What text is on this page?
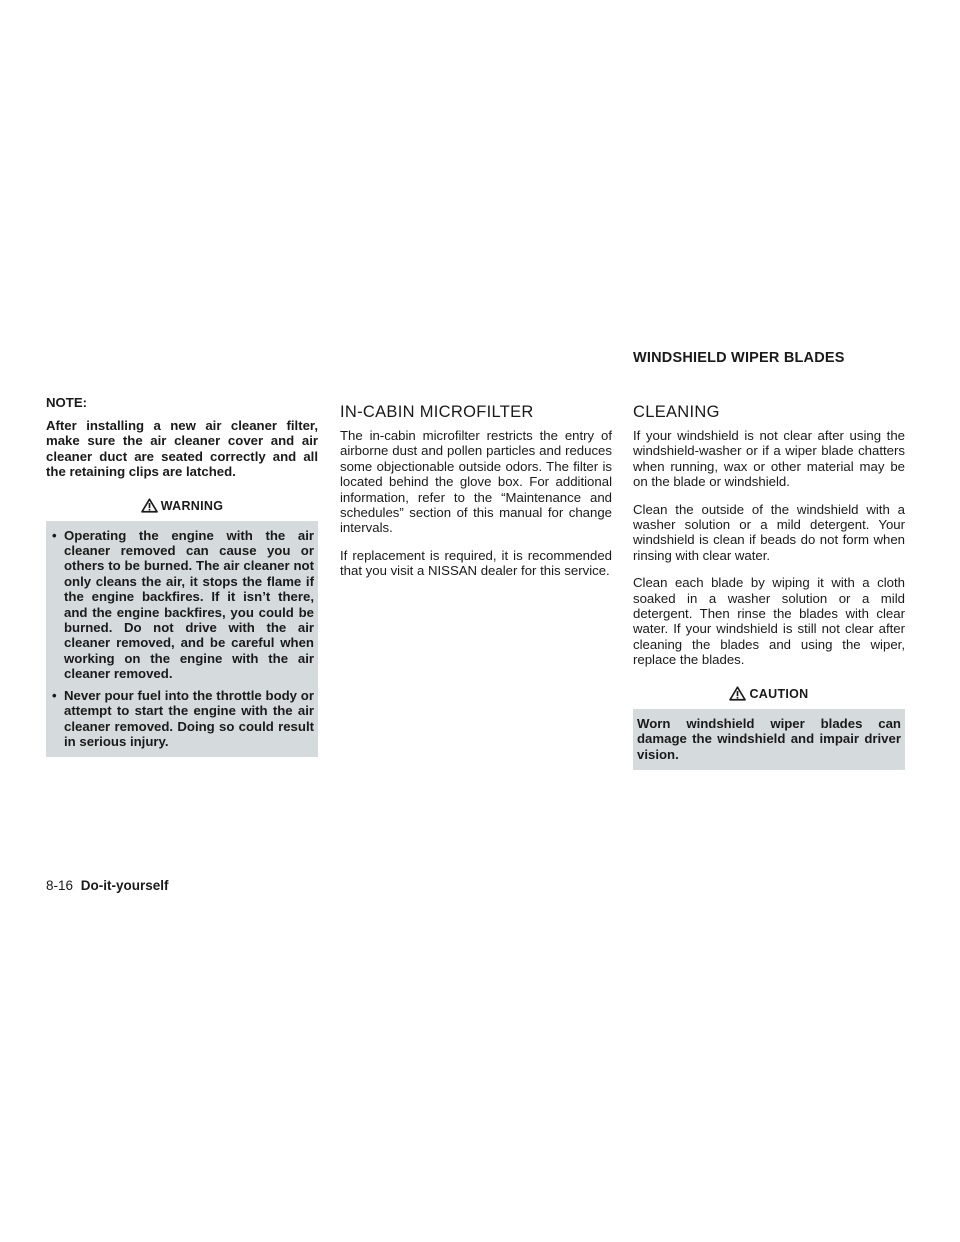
WINDSHIELD WIPER BLADES
NOTE:

After installing a new air cleaner filter, make sure the air cleaner cover and air cleaner duct are seated correctly and all the retaining clips are latched.

WARNING
• Operating the engine with the air cleaner removed can cause you or others to be burned. The air cleaner not only cleans the air, it stops the flame if the engine backfires. If it isn’t there, and the engine backfires, you could be burned. Do not drive with the air cleaner removed, and be careful when working on the engine with the air cleaner removed.
• Never pour fuel into the throttle body or attempt to start the engine with the air cleaner removed. Doing so could result in serious injury.
IN-CABIN MICROFILTER

The in-cabin microfilter restricts the entry of airborne dust and pollen particles and reduces some objectionable outside odors. The filter is located behind the glove box. For additional information, refer to the “Maintenance and schedules” section of this manual for change intervals.

If replacement is required, it is recommended that you visit a NISSAN dealer for this service.

CLEANING

If your windshield is not clear after using the windshield-washer or if a wiper blade chatters when running, wax or other material may be on the blade or windshield.

Clean the outside of the windshield with a washer solution or a mild detergent. Your windshield is clean if beads do not form when rinsing with clear water.

Clean each blade by wiping it with a cloth soaked in a washer solution or a mild detergent. Then rinse the blades with clear water. If your windshield is still not clear after cleaning the blades and using the wiper, replace the blades.

CAUTION

Worn windshield wiper blades can damage the windshield and impair driver vision.

8-16 Do-it-yourself
